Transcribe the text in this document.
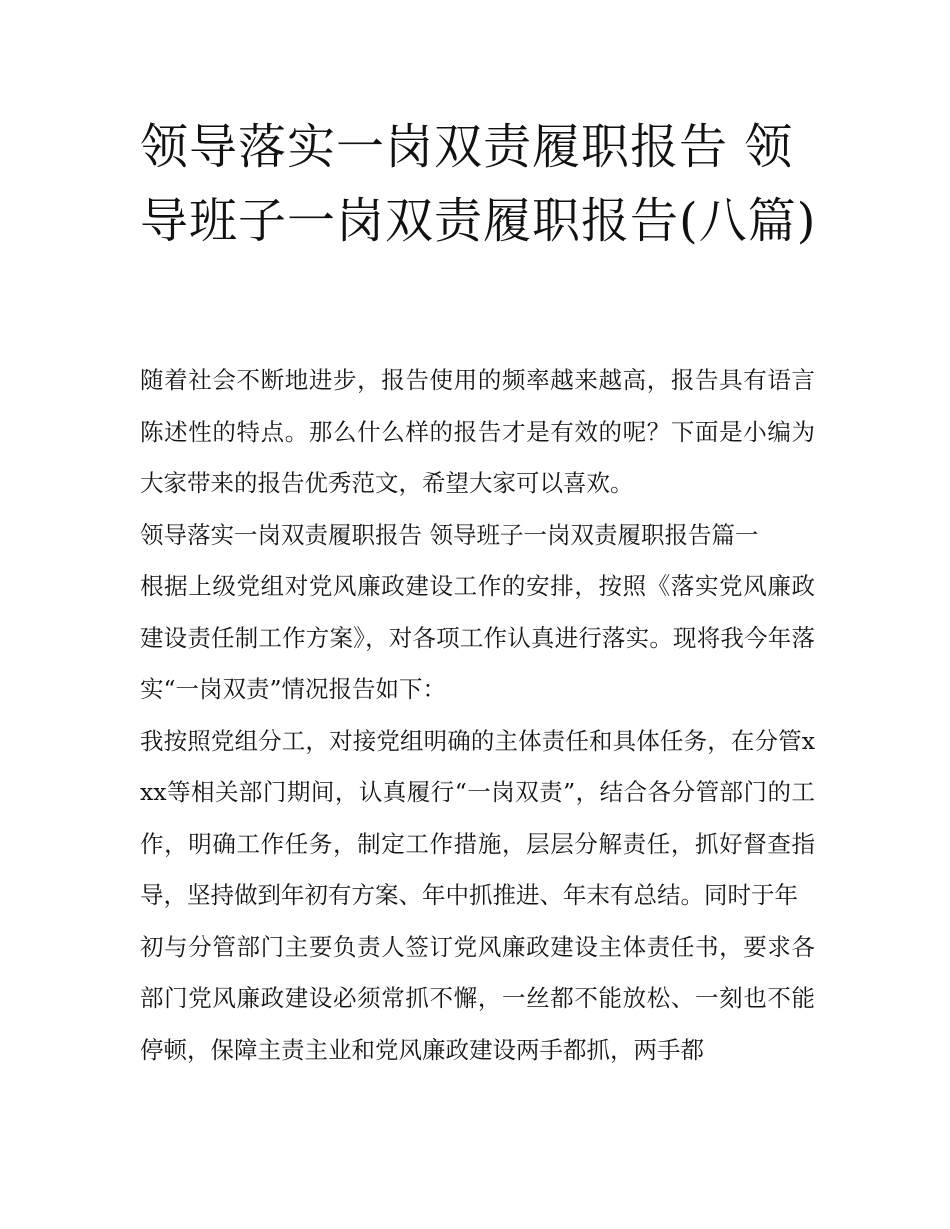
领导落实一岗双责履职报告 领导班子一岗双责履职报告(八篇)

随着社会不断地进步，报告使用的频率越来越高，报告具有语言陈述性的特点。那么什么样的报告才是有效的呢？下面是小编为大家带来的报告优秀范文，希望大家可以喜欢。

领导落实一岗双责履职报告 领导班子一岗双责履职报告篇一

根据上级党组对党风廉政建设工作的安排，按照《落实党风廉政建设责任制工作方案》，对各项工作认真进行落实。现将我今年落实“一岗双责”情况报告如下：

我按照党组分工，对接党组明确的主体责任和具体任务，在分管xxx等相关部门期间，认真履行“一岗双责”，结合各分管部门的工作，明确工作任务，制定工作措施，层层分解责任，抓好督查指导，坚持做到年初有方案、年中抓推进、年末有总结。同时于年

初与分管部门主要负责人签订党风廉政建设主体责任书，要求各部门党风廉政建设必须常抓不懈，一丝都不能放松、一刻也不能停顿，保障主责主业和党风廉政建设两手都抓，两手都
